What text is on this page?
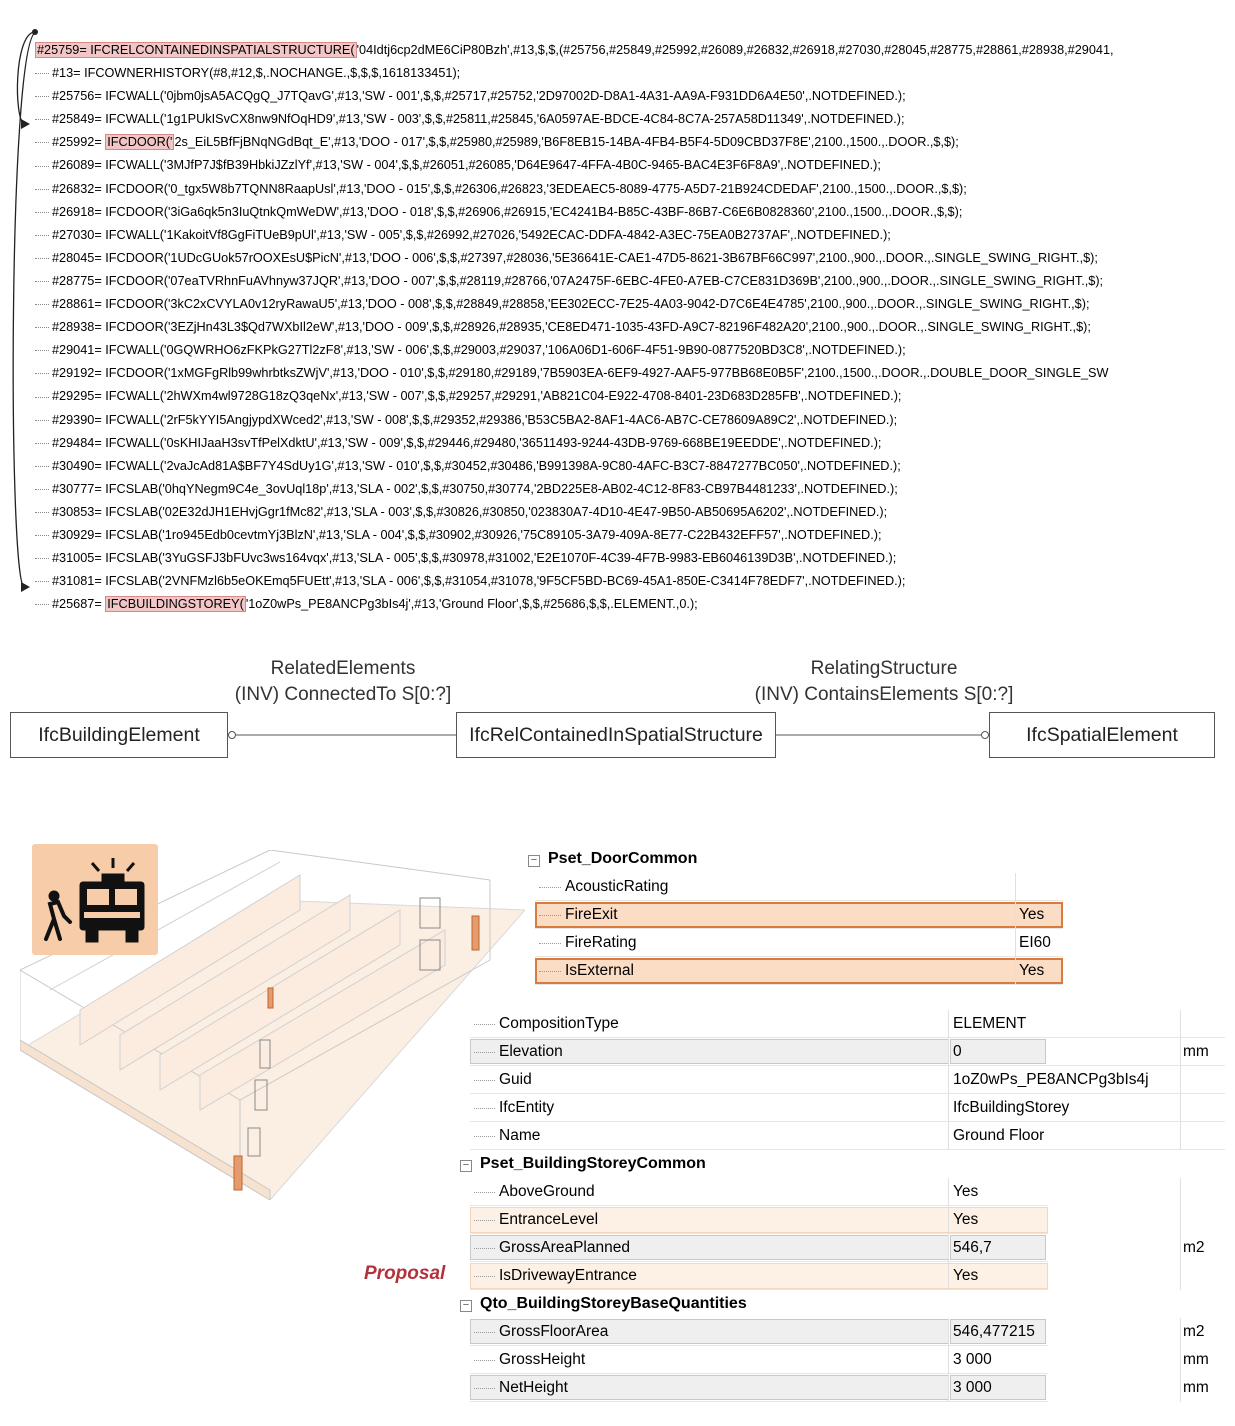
#25759= IFCRELCONTAINEDINSPATIALSTRUCTURE( '04Idtj6cp2dME6CiP80Bzh',#13,$,$,(#25756,#25849,#25992,#26089,#26832,#26918,#27030,#28045,#28775,#28861,#28938,#29041,
#13= IFCOWNERHISTORY(#8,#12,$,.NOCHANGE.,$,$,$,1618133451);
#25756= IFCWALL('0jbm0jsA5ACQgQ_J7TQavG',#13,'SW - 001',$,$,#25717,#25752,'2D97002D-D8A1-4A31-AA9A-F931DD6A4E50',.NOTDEFINED.);
#25849= IFCWALL('1g1PUkISvCX8nw9NfOqHD9',#13,'SW - 003',$,$,#25811,#25845,'6A0597AE-BDCE-4C84-8C7A-257A58D11349',.NOTDEFINED.);
#25992= IFCDOOR(' 2s_EiL5BfFjBNqNGdBqt_E',#13,'DOO - 017',$,$,#25980,#25989,'B6F8EB15-14BA-4FB4-B5F4-5D09CBD37F8E',2100.,1500.,.DOOR.,$,$);
#26089= IFCWALL('3MJfP7J$fB39HbkiJZzlYf',#13,'SW - 004',$,$,#26051,#26085,'D64E9647-4FFA-4B0C-9465-BAC4E3F6F8A9',.NOTDEFINED.);
#26832= IFCDOOR('0_tgx5W8b7TQNN8RaapUsl',#13,'DOO - 015',$,$,#26306,#26823,'3EDEAEC5-8089-4775-A5D7-21B924CDEDAF',2100.,1500.,.DOOR.,$,$);
#26918= IFCDOOR('3iGa6qk5n3IuQtnkQmWeDW',#13,'DOO - 018',$,$,#26906,#26915,'EC4241B4-B85C-43BF-86B7-C6E6B0828360',2100.,1500.,.DOOR.,$,$);
#27030= IFCWALL('1KakoitVf8GgFiTUeB9pUl',#13,'SW - 005',$,$,#26992,#27026,'5492ECAC-DDFA-4842-A3EC-75EA0B2737AF',.NOTDEFINED.);
#28045= IFCDOOR('1UDcGUok57rOOXEsU$PicN',#13,'DOO - 006',$,$,#27397,#28036,'5E36641E-CAE1-47D5-8621-3B67BF66C997',2100.,900.,.DOOR.,.SINGLE_SWING_RIGHT.,$);
#28775= IFCDOOR('07eaTVRhnFuAVhnyw37JQR',#13,'DOO - 007',$,$,#28119,#28766,'07A2475F-6EBC-4FE0-A7EB-C7CE831D369B',2100.,900.,.DOOR.,.SINGLE_SWING_RIGHT.,$);
#28861= IFCDOOR('3kC2xCVYLA0v12ryRawaU5',#13,'DOO - 008',$,$,#28849,#28858,'EE302ECC-7E25-4A03-9042-D7C6E4E4785',2100.,900.,.DOOR.,.SINGLE_SWING_RIGHT.,$);
#28938= IFCDOOR('3EZjHn43L3$Qd7WXbIl2eW',#13,'DOO - 009',$,$,#28926,#28935,'CE8ED471-1035-43FD-A9C7-82196F482A20',2100.,900.,.DOOR.,.SINGLE_SWING_RIGHT.,$);
#29041= IFCWALL('0GQWRHO6zFKPkG27Tl2zF8',#13,'SW - 006',$,$,#29003,#29037,'106A06D1-606F-4F51-9B90-0877520BD3C8',.NOTDEFINED.);
#29192= IFCDOOR('1xMGFgRlb99whrbtksZWjV',#13,'DOO - 010',$,$,#29180,#29189,'7B5903EA-6EF9-4927-AAF5-977BB68E0B5F',2100.,1500.,.DOOR.,.DOUBLE_DOOR_SINGLE_SW
#29295= IFCWALL('2hWXm4wl9728G18zQ3qeNx',#13,'SW - 007',$,$,#29257,#29291,'AB821C04-E922-4708-8401-23D683D285FB',.NOTDEFINED.);
#29390= IFCWALL('2rF5kYYI5AngjypdXWced2',#13,'SW - 008',$,$,#29352,#29386,'B53C5BA2-8AF1-4AC6-AB7C-CE78609A89C2',.NOTDEFINED.);
#29484= IFCWALL('0sKHIJaaH3svTfPelXdktU',#13,'SW - 009',$,$,#29446,#29480,'36511493-9244-43DB-9769-668BE19EEDDE',.NOTDEFINED.);
#30490= IFCWALL('2vaJcAd81A$BF7Y4SdUy1G',#13,'SW - 010',$,$,#30452,#30486,'B991398A-9C80-4AFC-B3C7-8847277BC050',.NOTDEFINED.);
#30777= IFCSLAB('0hqYNegm9C4e_3ovUql18p',#13,'SLA - 002',$,$,#30750,#30774,'2BD225E8-AB02-4C12-8F83-CB97B4481233',.NOTDEFINED.);
#30853= IFCSLAB('02E32dJH1EHvjGgr1fMc82',#13,'SLA - 003',$,$,#30826,#30850,'023830A7-4D10-4E47-9B50-AB50695A6202',.NOTDEFINED.);
#30929= IFCSLAB('1ro945Edb0cevtmYj3BlzN',#13,'SLA - 004',$,$,#30902,#30926,'75C89105-3A79-409A-8E77-C22B432EFF57',.NOTDEFINED.);
#31005= IFCSLAB('3YuGSFJ3bFUvc3ws164vqx',#13,'SLA - 005',$,$,#30978,#31002,'E2E1070F-4C39-4F7B-9983-EB6046139D3B',.NOTDEFINED.);
#31081= IFCSLAB('2VNFMzl6b5eOKEmq5FUEtt',#13,'SLA - 006',$,$,#31054,#31078,'9F5CF5BD-BC69-45A1-850E-C3414F78EDF7',.NOTDEFINED.);
#25687= IFCBUILDINGSTOREY( '1oZ0wPs_PE8ANCPg3bIs4j',#13,'Ground Floor',$,$,#25686,$,$,.ELEMENT.,0.);
RelatedElements
(INV) ConnectedTo S[0:?]
RelatingStructure
(INV) ContainsElements S[0:?]
IfcBuildingElement	IfcRelContainedInSpatialStructure	IfcSpatialElement
− Pset_DoorCommon
AcousticRating
FireExit	Yes
FireRating	EI60
IsExternal	Yes
CompositionType	ELEMENT
Elevation	0	mm
Guid	1oZ0wPs_PE8ANCPg3bIs4j
IfcEntity	IfcBuildingStorey
Name	Ground Floor
− Pset_BuildingStoreyCommon
AboveGround	Yes
EntranceLevel	Yes
GrossAreaPlanned	546,7	m2
IsDrivewayEntrance	Yes
− Qto_BuildingStoreyBaseQuantities
GrossFloorArea	546,477215	m2
GrossHeight	3 000	mm
NetHeight	3 000	mm
Proposal
